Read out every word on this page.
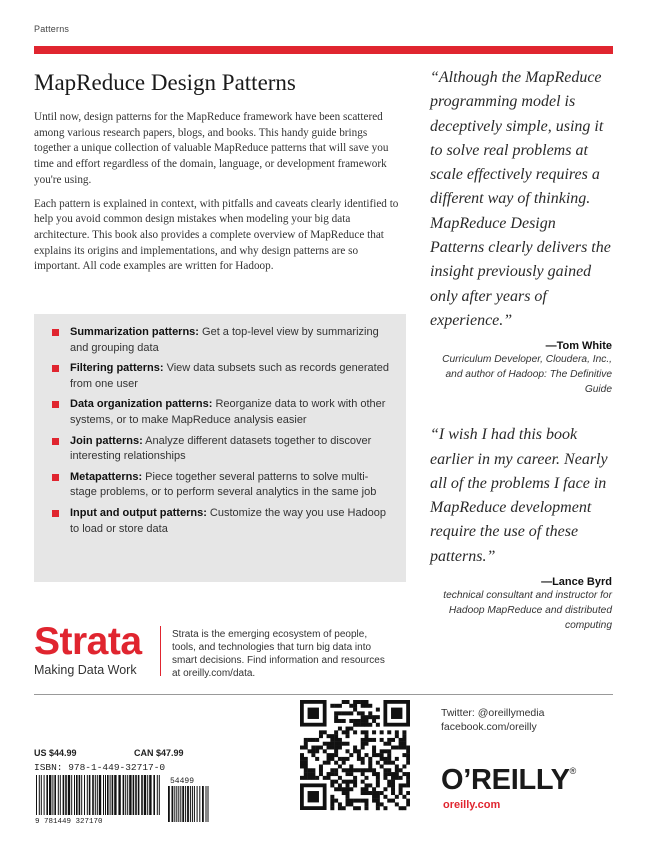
Patterns
MapReduce Design Patterns

Until now, design patterns for the MapReduce framework have been scattered among various research papers, blogs, and books. This handy guide brings together a unique collection of valuable MapReduce patterns that will save you time and effort regardless of the domain, language, or development framework you're using.

Each pattern is explained in context, with pitfalls and caveats clearly identified to help you avoid common design mistakes when modeling your big data architecture. This book also provides a complete overview of MapReduce that explains its origins and implementations, and why design patterns are so important. All code examples are written for Hadoop.

Summarization patterns: Get a top-level view by summarizing and grouping data
Filtering patterns: View data subsets such as records generated from one user
Data organization patterns: Reorganize data to work with other systems, or to make MapReduce analysis easier
Join patterns: Analyze different datasets together to discover interesting relationships
Metapatterns: Piece together several patterns to solve multi-stage problems, or to perform several analytics in the same job
Input and output patterns: Customize the way you use Hadoop to load or store data
“Although the MapReduce programming model is deceptively simple, using it to solve real problems at scale effectively requires a different way of thinking. MapReduce Design Patterns clearly delivers the insight previously gained only after years of experience.”
—Tom White
Curriculum Developer, Cloudera, Inc., and author of Hadoop: The Definitive Guide
“I wish I had this book earlier in my career. Nearly all of the problems I face in MapReduce development require the use of these patterns.”
—Lance Byrd
technical consultant and instructor for Hadoop MapReduce and distributed computing
Strata
Making Data Work
Strata is the emerging ecosystem of people, tools, and technologies that turn big data into smart decisions. Find information and resources at oreilly.com/data.
US $44.99	CAN $47.99
ISBN: 978-1-449-32717-0
9 781449 327170
54499
Twitter: @oreillymedia
facebook.com/oreilly
O’REILLY®
oreilly.com
